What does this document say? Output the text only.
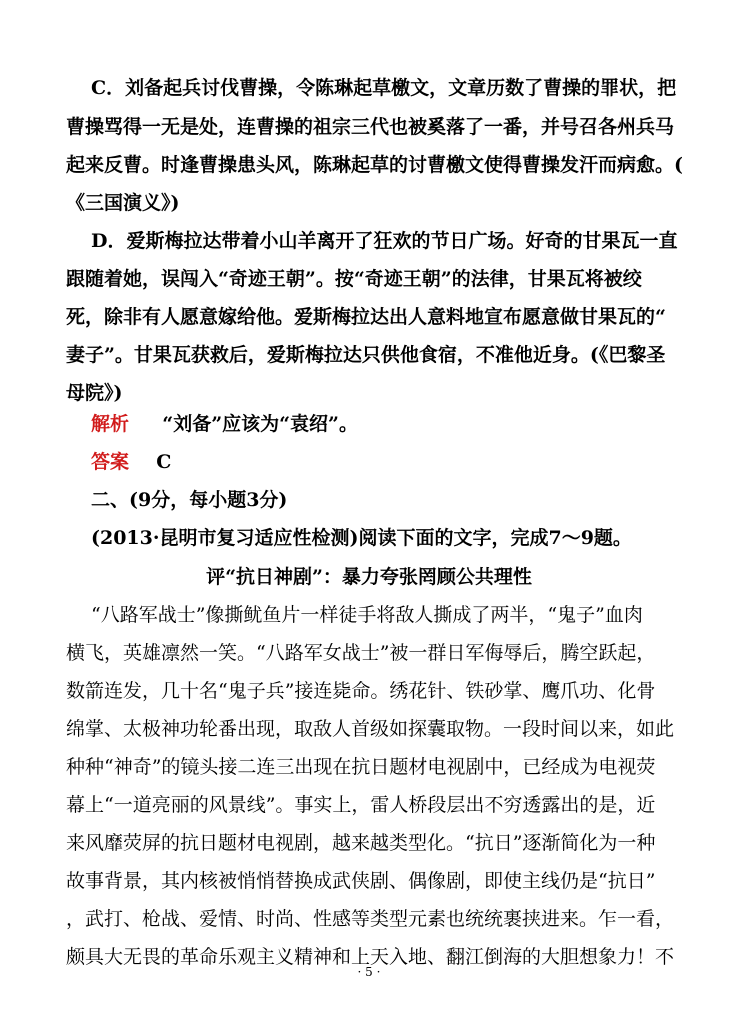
C．刘备起兵讨伐曹操，令陈琳起草檄文，文章历数了曹操的罪状，把
曹操骂得一无是处，连曹操的祖宗三代也被奚落了一番，并号召各州兵马
起来反曹。时逢曹操患头风，陈琳起草的讨曹檄文使得曹操发汗而病愈。(
《三国演义》)
D．爱斯梅拉达带着小山羊离开了狂欢的节日广场。好奇的甘果瓦一直
跟随着她，误闯入“奇迹王朝”。按“奇迹王朝”的法律，甘果瓦将被绞
死，除非有人愿意嫁给他。爱斯梅拉达出人意料地宣布愿意做甘果瓦的“
妻子”。甘果瓦获救后，爱斯梅拉达只供他食宿，不准他近身。(《巴黎圣
母院》)
解析 “刘备”应该为“袁绍”。
答案 C
二、(9分，每小题3分)
(2013·昆明市复习适应性检测)阅读下面的文字，完成7～9题。
评“抗日神剧”：暴力夸张罔顾公共理性
“八路军战士”像撕鱿鱼片一样徒手将敌人撕成了两半，“鬼子”血肉
横飞，英雄凛然一笑。“八路军女战士”被一群日军侮辱后，腾空跃起，
数箭连发，几十名“鬼子兵”接连毙命。绣花针、铁砂掌、鹰爪功、化骨
绵掌、太极神功轮番出现，取敌人首级如探囊取物。一段时间以来，如此
种种“神奇”的镜头接二连三出现在抗日题材电视剧中，已经成为电视荧
幕上“一道亮丽的风景线”。事实上，雷人桥段层出不穷透露出的是，近
来风靡荧屏的抗日题材电视剧，越来越类型化。“抗日”逐渐简化为一种
故事背景，其内核被悄悄替换成武侠剧、偶像剧，即使主线仍是“抗日”
，武打、枪战、爱情、时尚、性感等类型元素也统统裹挟进来。乍一看，
颇具大无畏的革命乐观主义精神和上天入地、翻江倒海的大胆想象力！不
· 5 ·
